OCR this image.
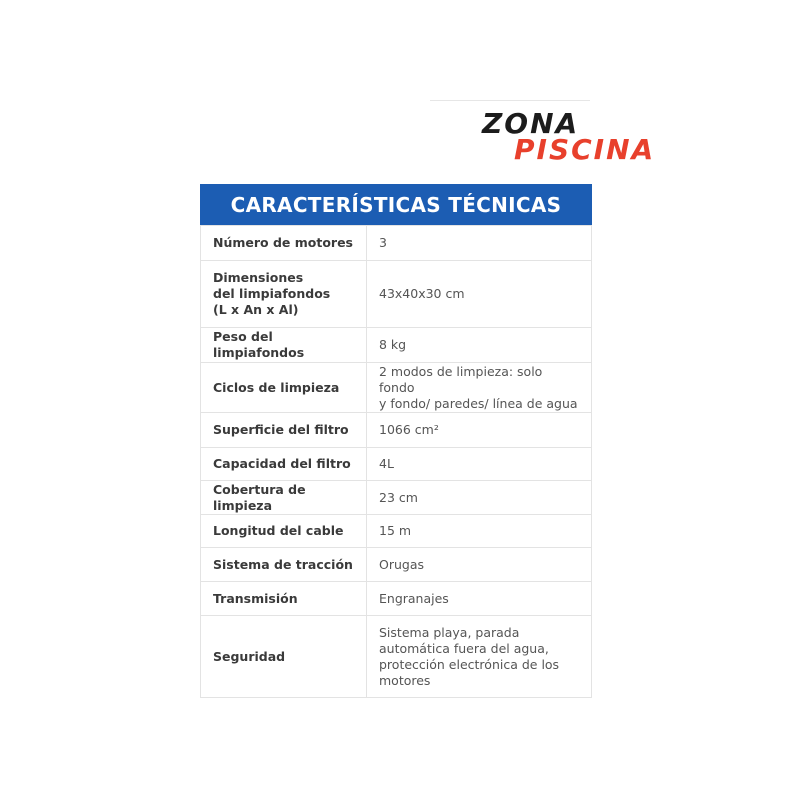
ZONA
PISCINA
CARACTERÍSTICAS TÉCNICAS
Número de motores	3
Dimensiones
del limpiafondos
(L x An x Al)	43x40x30 cm
Peso del limpiafondos	8 kg
Ciclos de limpieza	2 modos de limpieza: solo fondo
y fondo/ paredes/ línea de agua
Superficie del filtro	1066 cm²
Capacidad del filtro	4L
Cobertura de limpieza	23 cm
Longitud del cable	15 m
Sistema de tracción	Orugas
Transmisión	Engranajes
Seguridad	Sistema playa, parada
automática fuera del agua,
protección electrónica de los
motores
